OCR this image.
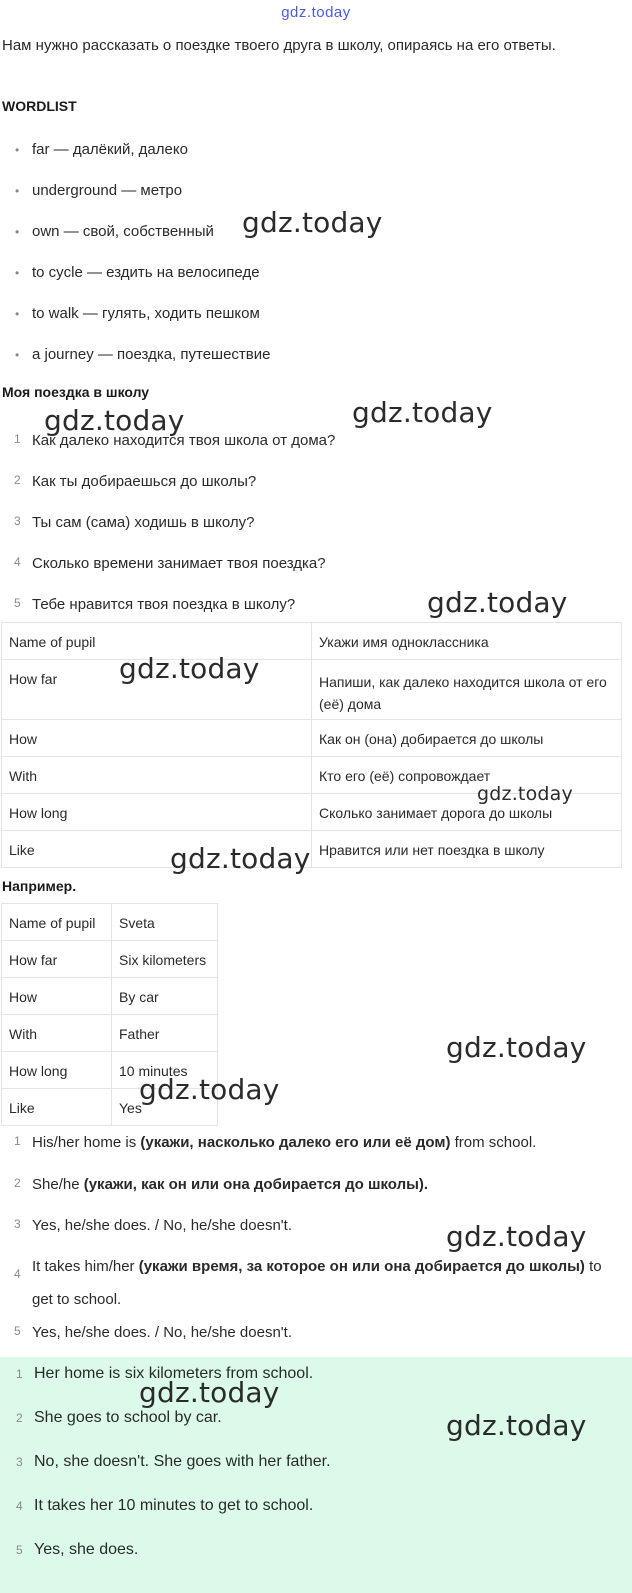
gdz.today
Нам нужно рассказать о поездке твоего друга в школу, опираясь на его ответы.
WORDLIST
• far — далёкий, далеко
• underground — метро
• own — свой, собственный
• to cycle — ездить на велосипеде
• to walk — гулять, ходить пешком
• a journey — поездка, путешествие
Моя поездка в школу
1 Как далеко находится твоя школа от дома?
2 Как ты добираешься до школы?
3 Ты сам (сама) ходишь в школу?
4 Сколько времени занимает твоя поездка?
5 Тебе нравится твоя поездка в школу?
Name of pupil	Укажи имя одноклассника
How far	Напиши, как далеко находится школа от его (её) дома
How	Как он (она) добирается до школы
With	Кто его (её) сопровождает
How long	Сколько занимает дорога до школы
Like	Нравится или нет поездка в школу
Например.
Name of pupil	Sveta
How far	Six kilometers
How	By car
With	Father
How long	10 minutes
Like	Yes
1 His/her home is (укажи, насколько далеко его или её дом) from school.
2 She/he (укажи, как он или она добирается до школы).
3 Yes, he/she does. / No, he/she doesn't.
4 It takes him/her (укажи время, за которое он или она добирается до школы) to get to school.
5 Yes, he/she does. / No, he/she doesn't.
1 Her home is six kilometers from school.
2 She goes to school by car.
3 No, she doesn't. She goes with her father.
4 It takes her 10 minutes to get to school.
5 Yes, she does.
gdz.today
gdz.today	gdz.today
gdz.today
gdz.today
gdz.today
gdz.today
gdz.today
gdz.today
gdz.today
gdz.today
gdz.today
